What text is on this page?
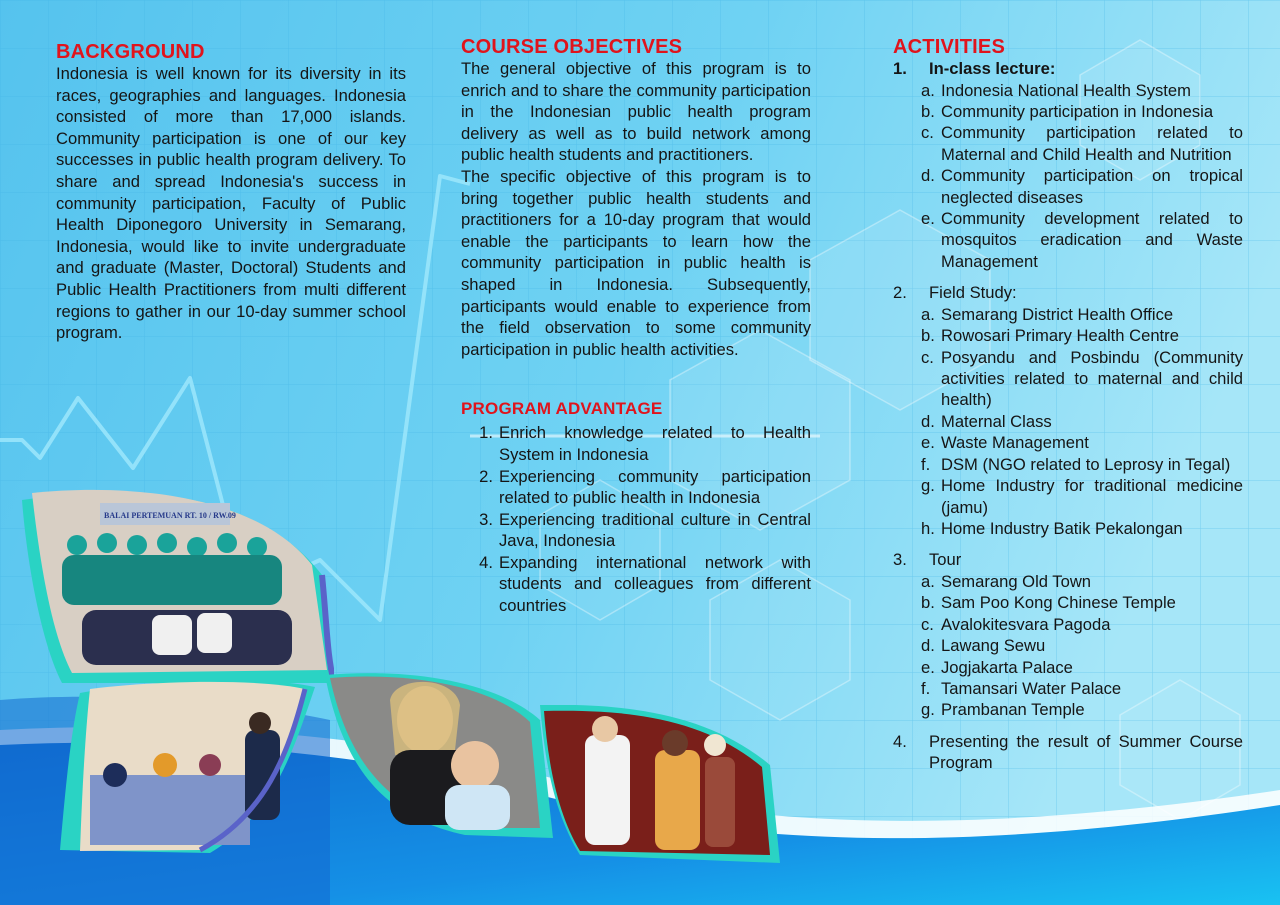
BALAI PERTEMUAN RT. 10 / RW.09
BACKGROUND

Indonesia is well known for its diversity in its races, geographies and languages. Indonesia consisted of more than 17,000 islands. Community participation is one of our key successes in public health program delivery. To share and spread Indonesia's success in community participation, Faculty of Public Health Diponegoro University in Semarang, Indonesia, would like to invite undergraduate and graduate (Master, Doctoral) Students and Public Health Practitioners from multi different regions to gather in our 10-day summer school program.

COURSE OBJECTIVES

The general objective of this program is to enrich and to share the community participation in the Indonesian public health program delivery as well as to build network among public health students and practitioners.

The specific objective of this program is to bring together public health students and practitioners for a 10-day program that would enable the participants to learn how the community participation in public health is shaped in Indonesia. Subsequently, participants would enable to experience from the field observation to some community participation in public health activities.

PROGRAM ADVANTAGE
1. Enrich knowledge related to Health System in Indonesia
2. Experiencing community participation related to public health in Indonesia
3. Experiencing traditional culture in Central Java, Indonesia
4. Expanding international network with students and colleagues from different countries
ACTIVITIES
1.	In-class lecture:
a. Indonesia National Health System
b. Community participation in Indonesia
c. Community participation related to Maternal and Child Health and Nutrition
d. Community participation on tropical neglected diseases
e. Community development related to mosquitos eradication and Waste Management
2.	Field Study:
a. Semarang District Health Office
b. Rowosari Primary Health Centre
c. Posyandu and Posbindu (Community activities related to maternal and child health)
d. Maternal Class
e. Waste Management
f. DSM (NGO related to Leprosy in Tegal)
g. Home Industry for traditional medicine (jamu)
h. Home Industry Batik Pekalongan
3.	Tour
a. Semarang Old Town
b. Sam Poo Kong Chinese Temple
c. Avalokitesvara Pagoda
d. Lawang Sewu
e. Jogjakarta Palace
f. Tamansari Water Palace
g. Prambanan Temple
4.	Presenting the result of Summer Course Program
